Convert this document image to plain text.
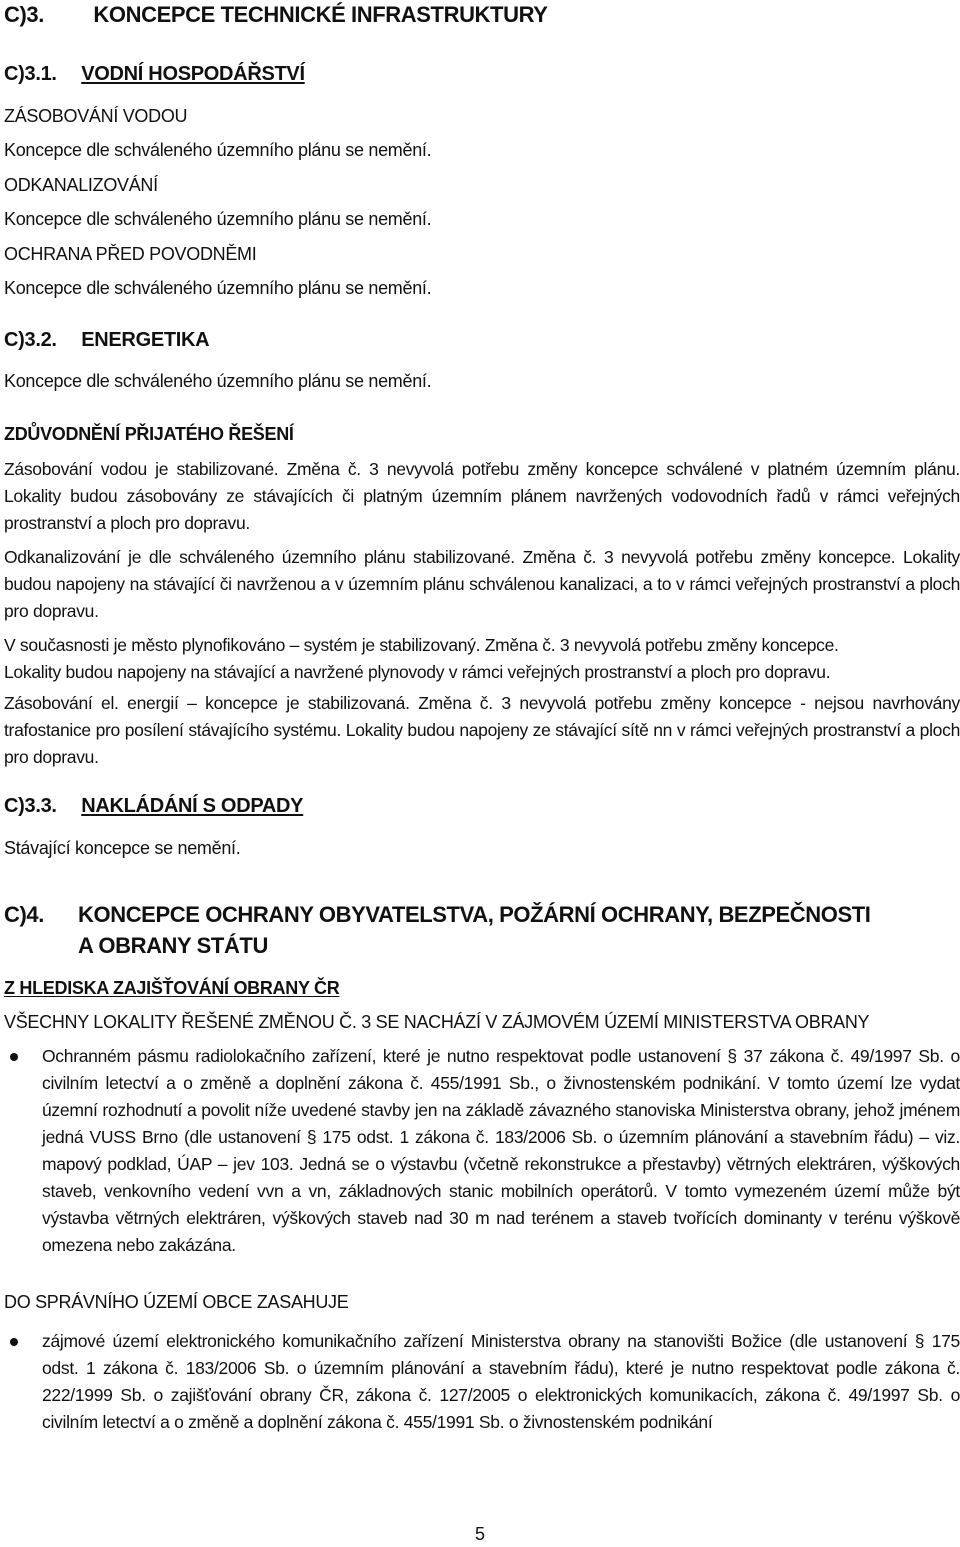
C)3. KONCEPCE TECHNICKÉ INFRASTRUKTURY
C)3.1. VODNÍ HOSPODÁŘSTVÍ
ZÁSOBOVÁNÍ VODOU
Koncepce dle schváleného územního plánu se nemění.
ODKANALIZOVÁNÍ
Koncepce dle schváleného územního plánu se nemění.
OCHRANA PŘED POVODNĚMI
Koncepce dle schváleného územního plánu se nemění.
C)3.2. ENERGETIKA
Koncepce dle schváleného územního plánu se nemění.
ZDŮVODNĚNÍ PŘIJATÉHO ŘEŠENÍ
Zásobování vodou je stabilizované. Změna č. 3 nevyvolá potřebu změny koncepce schválené v platném územním plánu. Lokality budou zásobovány ze stávajících či platným územním plánem navržených vodovodních řadů v rámci veřejných prostranství a ploch pro dopravu.
Odkanalizování je dle schváleného územního plánu stabilizované. Změna č. 3 nevyvolá potřebu změny koncepce. Lokality budou napojeny na stávající či navrženou a v územním plánu schválenou kanalizaci, a to v rámci veřejných prostranství a ploch pro dopravu.
V současnosti je město plynofikováno – systém je stabilizovaný. Změna č. 3 nevyvolá potřebu změny koncepce.
Lokality budou napojeny na stávající a navržené plynovody v rámci veřejných prostranství a ploch pro dopravu.
Zásobování el. energií – koncepce je stabilizovaná. Změna č. 3 nevyvolá potřebu změny koncepce - nejsou navrhovány trafostanice pro posílení stávajícího systému. Lokality budou napojeny ze stávající sítě nn v rámci veřejných prostranství a ploch pro dopravu.
C)3.3. NAKLÁDÁNÍ S ODPADY
Stávající koncepce se nemění.
C)4. KONCEPCE OCHRANY OBYVATELSTVA, POŽÁRNÍ OCHRANY, BEZPEČNOSTI
A OBRANY STÁTU
Z HLEDISKA ZAJIŠŤOVÁNÍ OBRANY ČR
VŠECHNY LOKALITY ŘEŠENÉ ZMĚNOU Č. 3 SE NACHÁZÍ V ZÁJMOVÉM ÚZEMÍ MINISTERSTVA OBRANY
Ochranném pásmu radiolokačního zařízení, které je nutno respektovat podle ustanovení § 37 zákona č. 49/1997 Sb. o civilním letectví a o změně a doplnění zákona č. 455/1991 Sb., o živnostenském podnikání. V tomto území lze vydat územní rozhodnutí a povolit níže uvedené stavby jen na základě závazného stanoviska Ministerstva obrany, jehož jménem jedná VUSS Brno (dle ustanovení § 175 odst. 1 zákona č. 183/2006 Sb. o územním plánování a stavebním řádu) – viz. mapový podklad, ÚAP – jev 103. Jedná se o výstavbu (včetně rekonstrukce a přestavby) větrných elektráren, výškových staveb, venkovního vedení vvn a vn, základnových stanic mobilních operátorů. V tomto vymezeném území může být výstavba větrných elektráren, výškových staveb nad 30 m nad terénem a staveb tvořících dominanty v terénu výškově omezena nebo zakázána.
DO SPRÁVNÍHO ÚZEMÍ OBCE ZASAHUJE
zájmové území elektronického komunikačního zařízení Ministerstva obrany na stanovišti Božice (dle ustanovení § 175 odst. 1 zákona č. 183/2006 Sb. o územním plánování a stavebním řádu), které je nutno respektovat podle zákona č. 222/1999 Sb. o zajišťování obrany ČR, zákona č. 127/2005 o elektronických komunikacích, zákona č. 49/1997 Sb. o civilním letectví a o změně a doplnění zákona č. 455/1991 Sb. o živnostenském podnikání
5
